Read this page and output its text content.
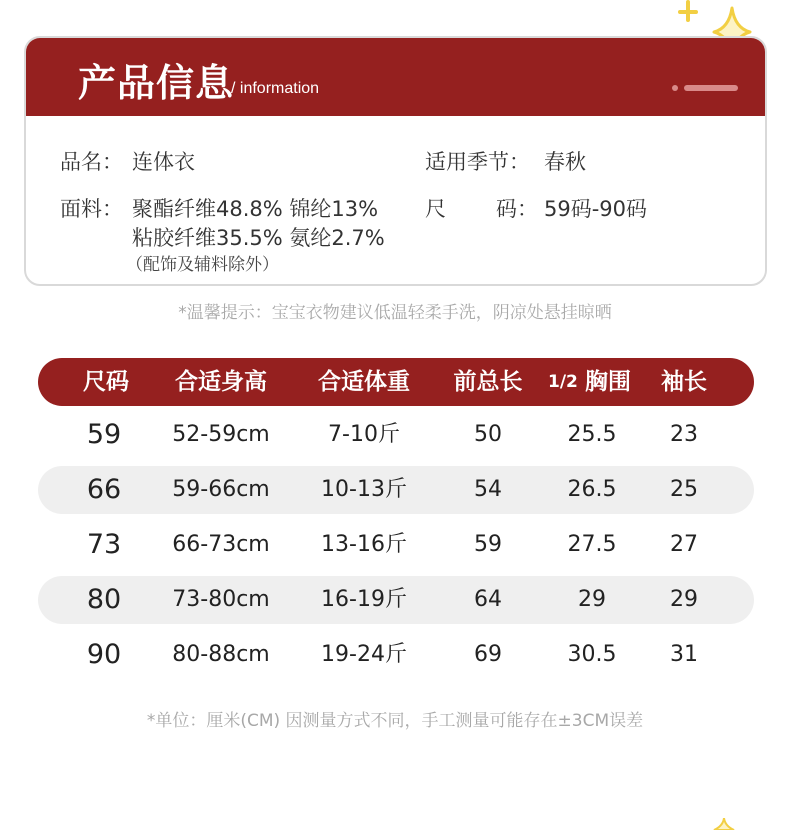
产品信息
/ information
品名： 连体衣	适用季节： 春秋
面料： 聚酯纤维48.8% 锦纶13%
粘胶纤维35.5% 氨纶2.7%
（配饰及辅料除外）
尺 码： 59码-90码
*温馨提示：宝宝衣物建议低温轻柔手洗，阴凉处悬挂晾晒
尺码	合适身高	合适体重	前总长	1/2 胸围	袖长
59	52-59cm	7-10斤	50	25.5	23
66	59-66cm	10-13斤	54	26.5	25
73	66-73cm	13-16斤	59	27.5	27
80	73-80cm	16-19斤	64	29	29
90	80-88cm	19-24斤	69	30.5	31
*单位：厘米(CM) 因测量方式不同，手工测量可能存在±3CM误差
